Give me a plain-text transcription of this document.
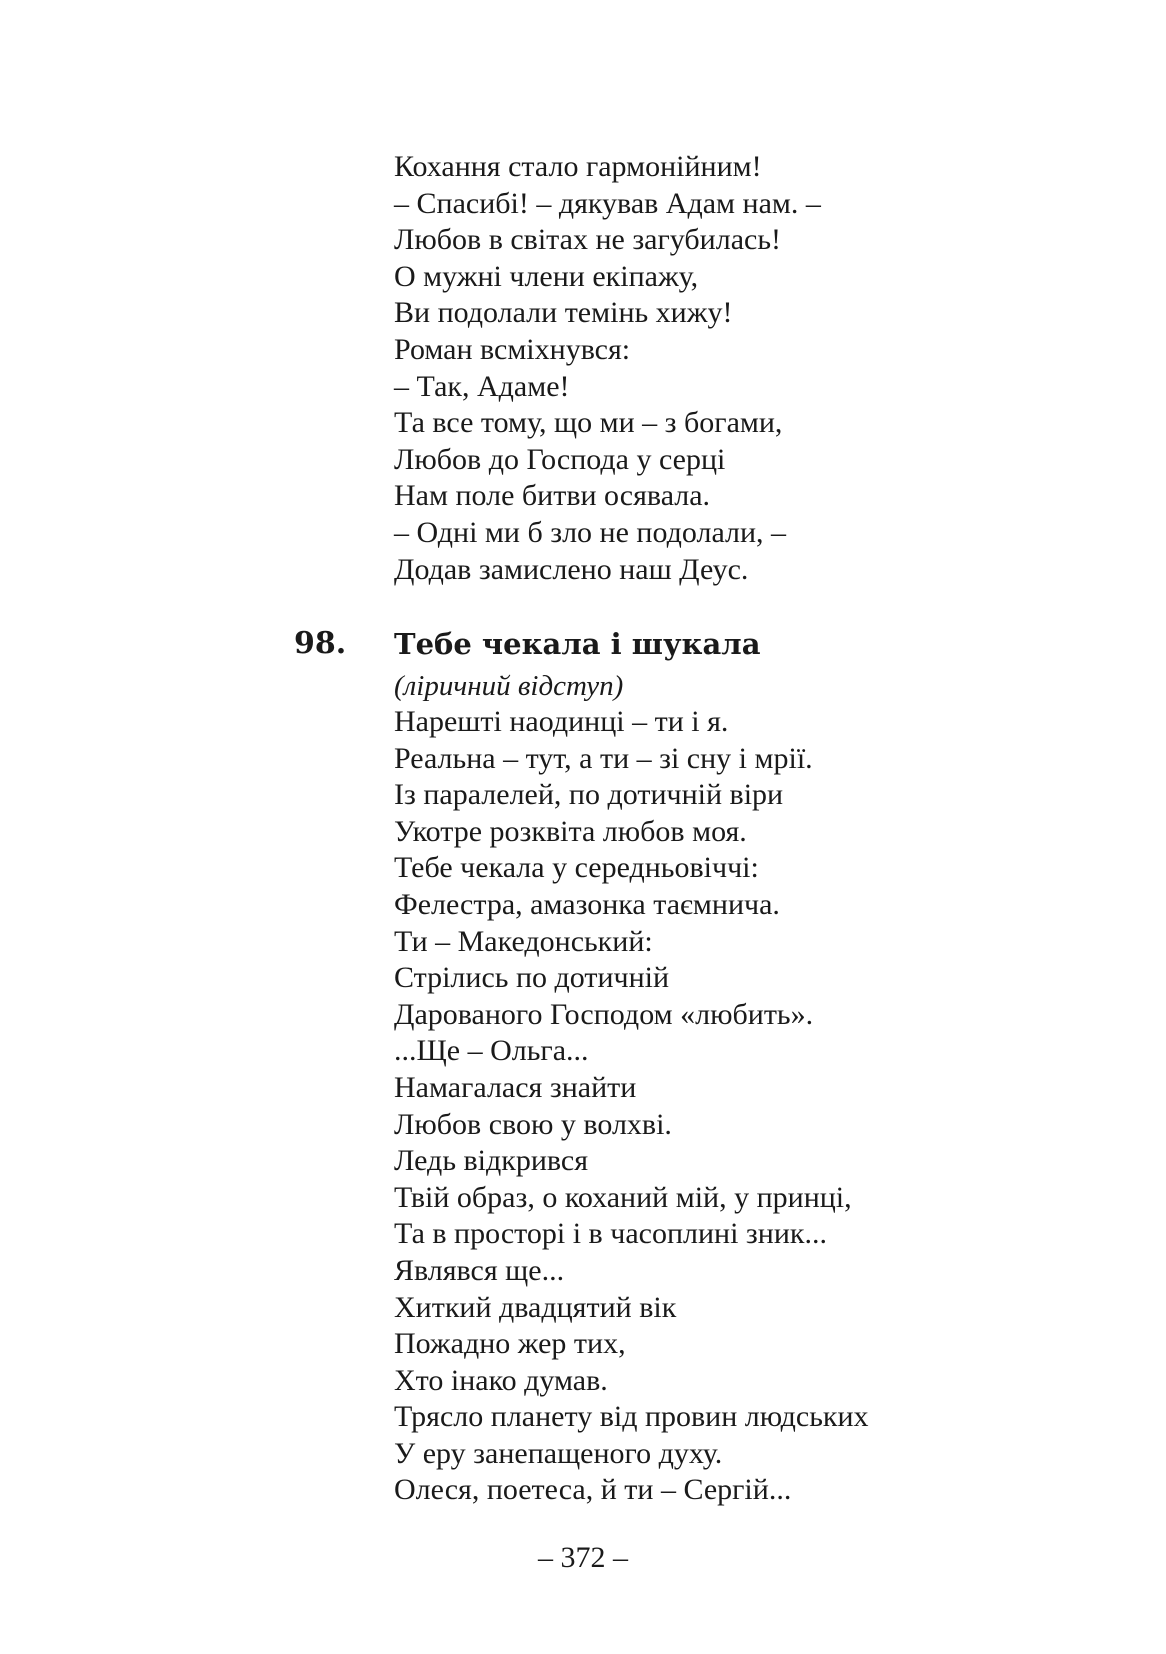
Кохання стало гармонійним!
– Спасибі! – дякував Адам нам. –
Любов в світах не загубилась!
О мужні члени екіпажу,
Ви подолали темінь хижу!
Роман всміхнувся:
– Так, Адаме!
Та все тому, що ми – з богами,
Любов до Господа у серці
Нам поле битви осявала.
– Одні ми б зло не подолали, –
Додав замислено наш Деус.
98. Тебе чекала і шукала
(ліричний відступ)
Нарешті наодинці – ти і я.
Реальна – тут, а ти – зі сну і мрії.
Із паралелей, по дотичній віри
Укотре розквіта любов моя.
Тебе чекала у середньовіччі:
Фелестра, амазонка таємнича.
Ти – Македонський:
Стрілись по дотичній
Дарованого Господом «любить».
...Ще – Ольга...
Намагалася знайти
Любов свою у волхві.
Ледь відкрився
Твій образ, о коханий мій, у принці,
Та в просторі і в часоплині зник...
Являвся ще...
Хиткий двадцятий вік
Пожадно жер тих,
Хто інако думав.
Трясло планету від провин людських
У еру занепащеного духу.
Олеся, поетеса, й ти – Сергій...
– 372 –
